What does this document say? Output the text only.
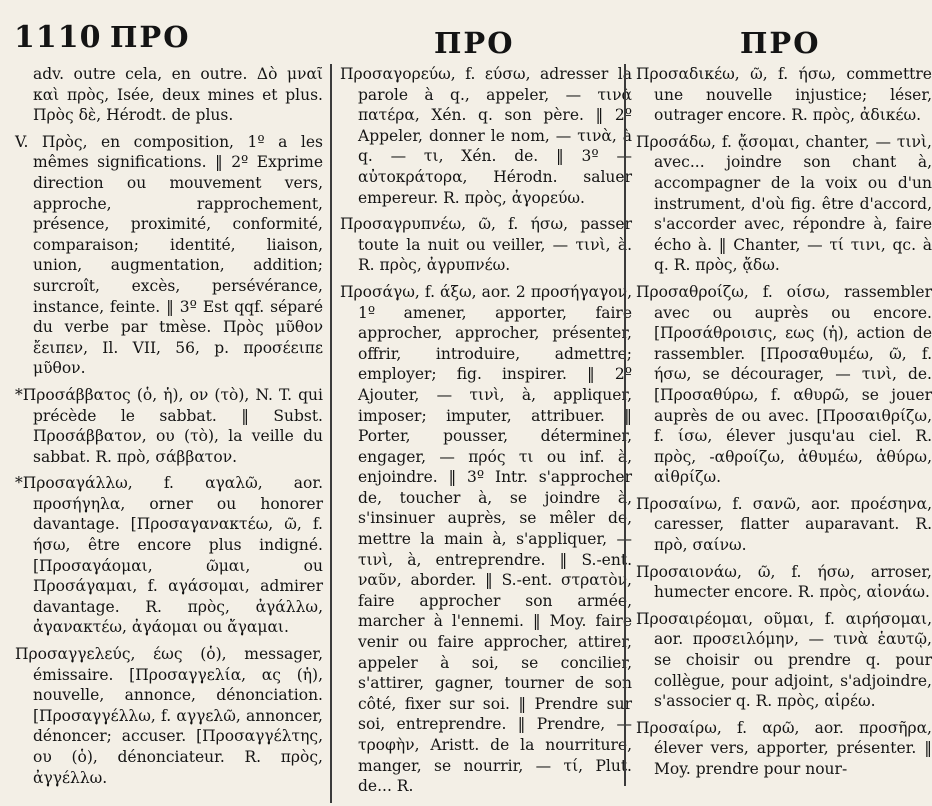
1110 ΠΡΟ	ΠΡΟ	ΠΡΟ
adv. outre cela, en outre. Δὸ μναῖ καὶ πρὸς, Isée, deux mines et plus. Πρὸς δὲ, Hérodt. de plus.
V. Πρὸς, en composition, 1º a les mêmes significations. ‖ 2º Exprime direction ou mouvement vers, approche, rapprochement, présence, proximité, conformité, comparaison; identité, liaison, union, augmentation, addition; surcroît, excès, persévérance, instance, feinte. ‖ 3º Est qqf. séparé du verbe par tmèse. Πρὸς μῦθον ἔειπεν, Il. VII, 56, p. προσέειπε μῦθον.
*Προσάββατος (ὁ, ἡ), ον (τὸ), N. T. qui précède le sabbat. ‖ Subst. Προσάββατον, ου (τὸ), la veille du sabbat. R. πρὸ, σάββατον.
*Προσαγάλλω, f. αγαλῶ, aor. προσήγηλα, orner ou honorer davantage. [Προσαγανακτέω, ῶ, f. ήσω, être encore plus indigné. [Προσαγάομαι, ῶμαι, ou Προσάγαμαι, f. αγάσομαι, admirer davantage. R. πρὸς, ἀγάλλω, ἀγανακτέω, ἀγάομαι ou ἄγαμαι.
Προσαγγελεύς, έως (ὁ), messager, émissaire. [Προσαγγελία, ας (ἡ), nouvelle, annonce, dénonciation. [Προσαγγέλλω, f. αγγελῶ, annoncer, dénoncer; accuser. [Προσαγγέλτης, ου (ὁ), dénonciateur. R. πρὸς, ἀγγέλλω.
Προσαγορεύω, f. εύσω, adresser la parole à q., appeler, — τινὰ πατέρα, Xén. q. son père. ‖ 2º Appeler, donner le nom, — τινὰ, à q. — τι, Xén. de. ‖ 3º — αὐτοκράτορα, Hérodn. saluer empereur. R. πρὸς, ἀγορεύω.
Προσαγρυπνέω, ῶ, f. ήσω, passer toute la nuit ou veiller, — τινὶ, à. R. πρὸς, ἀγρυπνέω.
Προσάγω, f. άξω, aor. 2 προσήγαγον, 1º amener, apporter, faire approcher, approcher, présenter, offrir, introduire, admettre; employer; fig. inspirer. ‖ 2º Ajouter, — τινὶ, à, appliquer, imposer; imputer, attribuer. ‖ Porter, pousser, déterminer, engager, — πρός τι ou inf. à, enjoindre. ‖ 3º Intr. s'approcher de, toucher à, se joindre à, s'insinuer auprès, se mêler de, mettre la main à, s'appliquer, — τινὶ, à, entreprendre. ‖ S.-ent. ναῦν, aborder. ‖ S.-ent. στρατὸν, faire approcher son armée, marcher à l'ennemi. ‖ Moy. faire venir ou faire approcher, attirer, appeler à soi, se concilier, s'attirer, gagner, tourner de son côté, fixer sur soi. ‖ Prendre sur soi, entreprendre. ‖ Prendre, — τροφὴν, Aristt. de la nourriture, manger, se nourrir, — τί, Plut. de... R.
Προσαδικέω, ῶ, f. ήσω, commettre une nouvelle injustice; léser, outrager encore. R. πρὸς, ἀδικέω.
Προσάδω, f. ᾄσομαι, chanter, — τινὶ, avec... joindre son chant à, accompagner de la voix ou d'un instrument, d'où fig. être d'accord, s'accorder avec, répondre à, faire écho à. ‖ Chanter, — τί τινι, qc. à q. R. πρὸς, ᾄδω.
Προσαθροίζω, f. οίσω, rassembler avec ou auprès ou encore. [Προσάθροισις, εως (ἡ), action de rassembler. [Προσαθυμέω, ῶ, f. ήσω, se décourager, — τινὶ, de. [Προσαθύρω, f. αθυρῶ, se jouer auprès de ou avec. [Προσαιθρίζω, f. ίσω, élever jusqu'au ciel. R. πρὸς, -αθροίζω, ἀθυμέω, ἀθύρω, αἰθρίζω.
Προσαίνω, f. σανῶ, aor. προέσηνα, caresser, flatter auparavant. R. πρὸ, σαίνω.
Προσαιονάω, ῶ, f. ήσω, arroser, humecter encore. R. πρὸς, αἰονάω.
Προσαιρέομαι, οῦμαι, f. αιρήσομαι, aor. προσειλόμην, — τινὰ ἑαυτῷ, se choisir ou prendre q. pour collègue, pour adjoint, s'adjoindre, s'associer q. R. πρὸς, αἱρέω.
Προσαίρω, f. αρῶ, aor. προσῆρα, élever vers, apporter, présenter. ‖ Moy. prendre pour nour-
